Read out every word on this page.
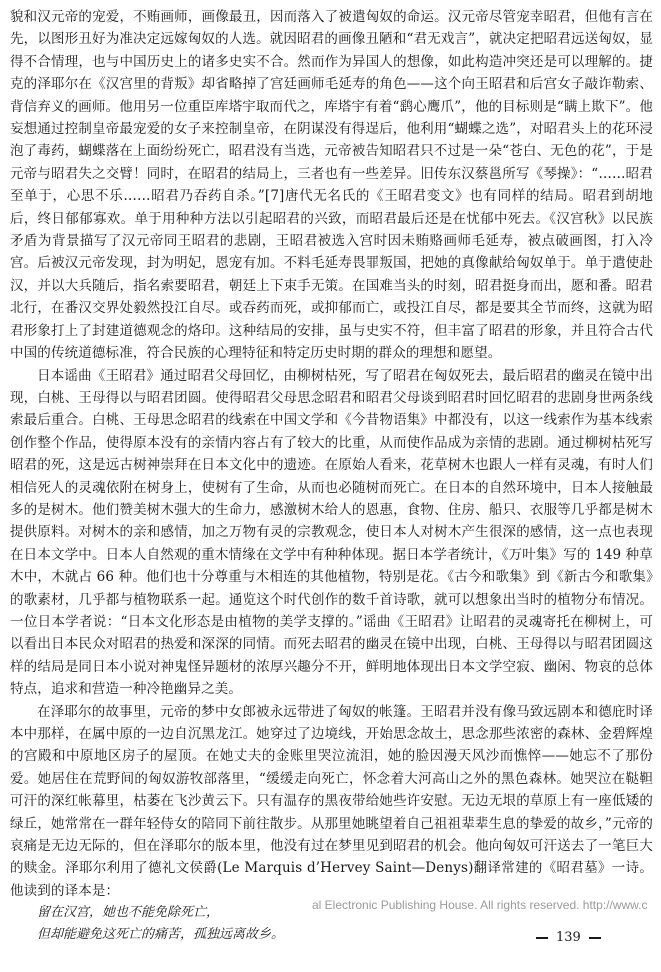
貌和汉元帝的宠爱，不贿画师，画像最丑，因而落入了被遣匈奴的命运。汉元帝尽管宠幸昭君，但他有言在先，以图形丑好为准决定远嫁匈奴的人选。就因昭君的画像丑陋和“君无戏言”，就决定把昭君远送匈奴，显得不合情理，也与中国历史上的诸多史实不合。然而作为异国人的想像，如此构造冲突还是可以理解的。捷克的泽耶尔在《汉宫里的背叛》却省略掉了宫廷画师毛延寿的角色——这个向王昭君和后宫女子敲诈勒索、背信弃义的画师。他用另一位重臣库塔宇取而代之，库塔宇有着“鹞心鹰爪”，他的目标则是“瞒上欺下”。他妄想通过控制皇帝最宠爱的女子来控制皇帝，在阴谋没有得逞后，他利用“蝴蝶之选”，对昭君头上的花环浸泡了毒药，蝴蝶落在上面纷纷死亡，昭君没有当选，元帝被告知昭君只不过是一朵“苍白、无色的花”，于是元帝与昭君失之交臂！同时，在昭君的结局上，三者也有一些差异。旧传东汉蔡邕所写《琴操》：“……昭君至单于，心思不乐……昭君乃吞药自杀。”[7]唐代无名氏的《王昭君变文》也有同样的结局。昭君到胡地后，终日郁郁寡欢。单于用种种方法以引起昭君的兴致，而昭君最后还是在忧郁中死去。《汉宫秋》以民族矛盾为背景描写了汉元帝同王昭君的悲剧，王昭君被选入宫时因未贿赂画师毛延寿，被点破画图，打入冷宫。后被汉元帝发现，封为明妃，恩宠有加。不料毛延寿畏罪叛国，把她的真像献给匈奴单于。单于遣使赴汉，并以大兵随后，指名索要昭君，朝廷上下束手无策。在国难当头的时刻，昭君挺身而出，愿和番。昭君北行，在番汉交界处毅然投江自尽。或吞药而死，或抑郁而亡，或投江自尽，都是要其全节而终，这就为昭君形象打上了封建道德观念的烙印。这种结局的安排，虽与史实不符，但丰富了昭君的形象，并且符合古代中国的传统道德标准，符合民族的心理特征和特定历史时期的群众的理想和愿望。

日本谣曲《王昭君》通过昭君父母回忆，由柳树枯死，写了昭君在匈奴死去，最后昭君的幽灵在镜中出现，白桃、王母得以与昭君团圆。使得昭君父母思念昭君和昭君父母谈到昭君时回忆昭君的悲剧身世两条线索最后重合。白桃、王母思念昭君的线索在中国文学和《今昔物语集》中都没有，以这一线索作为基本线索创作整个作品，使得原本没有的亲情内容占有了较大的比重，从而使作品成为亲情的悲剧。通过柳树枯死写昭君的死，这是远古树神崇拜在日本文化中的遗迹。在原始人看来，花草树木也跟人一样有灵魂，有时人们相信死人的灵魂依附在树身上，使树有了生命，从而也必随树而死亡。在日本的自然环境中，日本人接触最多的是树木。他们赞美树木强大的生命力，感激树木给人的恩惠，食物、住房、船只、衣服等几乎都是树木提供原料。对树木的亲和感情，加之万物有灵的宗教观念，使日本人对树木产生很深的感情，这一点也表现在日本文学中。日本人自然观的重木情缘在文学中有种种体现。据日本学者统计，《万叶集》写的 149 种草木中，木就占 66 种。他们也十分尊重与木相连的其他植物，特别是花。《古今和歌集》到《新古今和歌集》的歌素材，几乎都与植物联系一起。通览这个时代创作的数千首诗歌，就可以想象出当时的植物分布情况。一位日本学者说：“日本文化形态是由植物的美学支撑的。”谣曲《王昭君》让昭君的灵魂寄托在柳树上，可以看出日本民众对昭君的热爱和深深的同情。而死去昭君的幽灵在镜中出现，白桃、王母得以与昭君团圆这样的结局是同日本小说对神鬼怪异题材的浓厚兴趣分不开，鲜明地体现出日本文学空寂、幽闲、物哀的总体特点，追求和营造一种冷艳幽异之美。

在泽耶尔的故事里，元帝的梦中女郎被永远带进了匈奴的帐篷。王昭君并没有像马致远剧本和德庇时译本中那样，在属中原的一边自沉黑龙江。她穿过了边境线，开始思念故土，思念那些浓密的森林、金碧辉煌的宫殿和中原地区房子的屋顶。在她丈夫的金账里哭泣流泪，她的脸因漫天风沙而憔悴——她忘不了那份爱。她居住在荒野间的匈奴游牧部落里，“缓缓走向死亡，怀念着大河高山之外的黑色森林。她哭泣在鞑靼可汗的深红帐幕里，枯萎在飞沙黄云下。只有温存的黑夜带给她些许安慰。无边无垠的草原上有一座低矮的绿丘，她常常在一群年轻侍女的陪同下前往散步。从那里她眺望着自己祖祖辈辈生息的挚爱的故乡，”元帝的哀痛是无边无际的，但在泽耶尔的版本里，他没有过在梦里见到昭君的机会。他向匈奴可汗送去了一笔巨大的赎金。泽耶尔利用了德礼文侯爵(Le Marquis d’Hervey Saint—Denys)翻译常建的《昭君墓》一诗。他读到的译本是：

留在汉宫，她也不能免除死亡，
但却能避免这死亡的痛苦，孤独远离故乡。
al Electronic Publishing House. All rights reserved. http://www.c
139
